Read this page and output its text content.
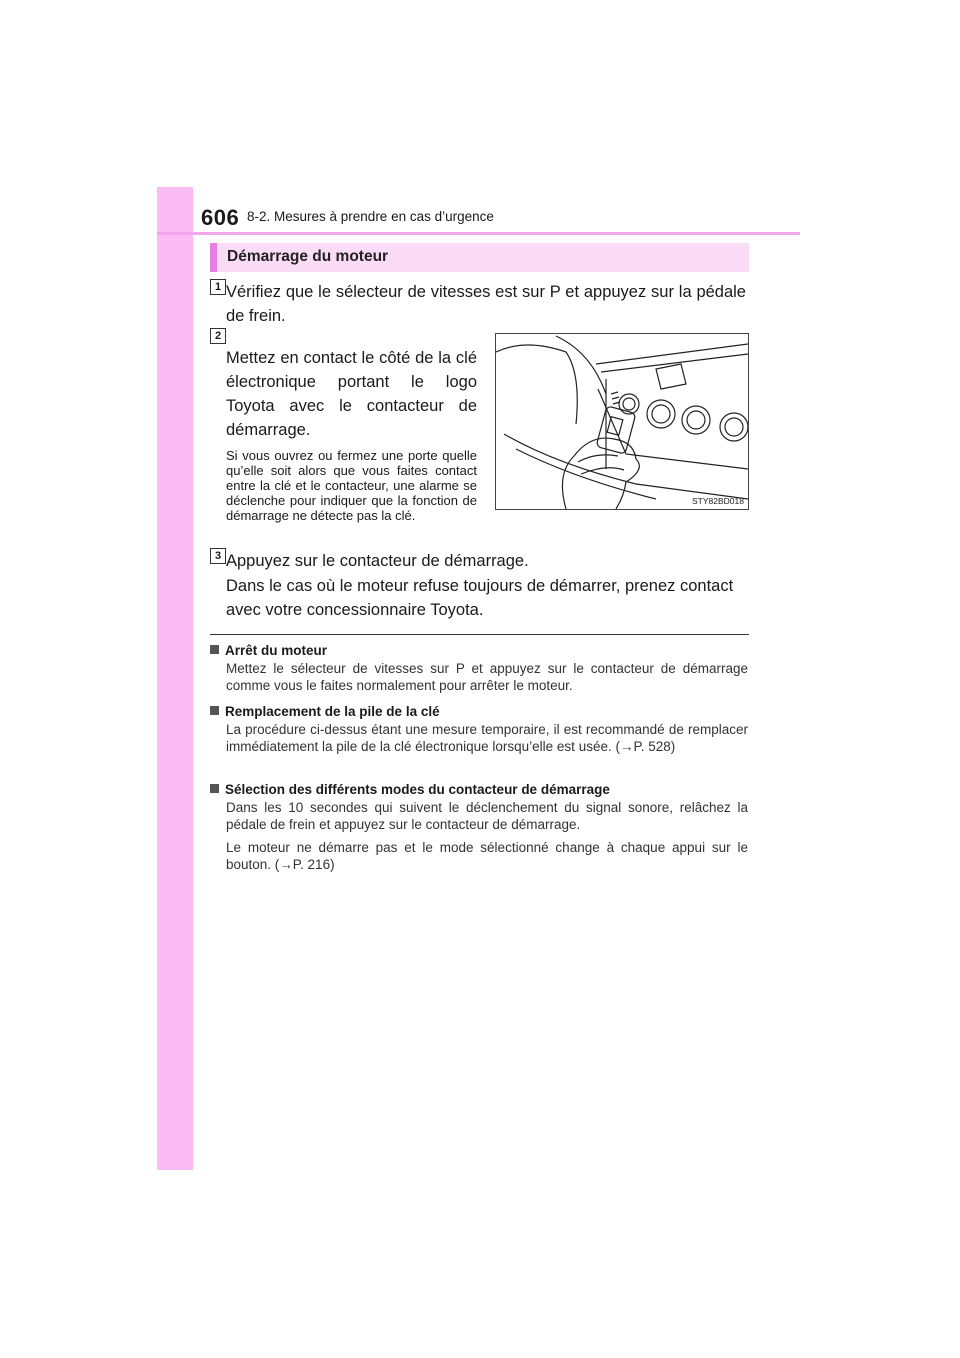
606 8-2. Mesures à prendre en cas d’urgence
Démarrage du moteur
1 Vérifiez que le sélecteur de vitesses est sur P et appuyez sur la pédale de frein.
2
Mettez en contact le côté de la clé électronique portant le logo Toyota avec le contacteur de démarrage.
Si vous ouvrez ou fermez une porte quelle qu’elle soit alors que vous faites contact entre la clé et le contacteur, une alarme se déclenche pour indiquer que la fonction de démarrage ne détecte pas la clé.
STY82BD018
3 Appuyez sur le contacteur de démarrage.
Dans le cas où le moteur refuse toujours de démarrer, prenez contact avec votre concessionnaire Toyota.
Arrêt du moteur
Mettez le sélecteur de vitesses sur P et appuyez sur le contacteur de démarrage comme vous le faites normalement pour arrêter le moteur.
Remplacement de la pile de la clé
La procédure ci-dessus étant une mesure temporaire, il est recommandé de remplacer immédiatement la pile de la clé électronique lorsqu’elle est usée. (→P. 528)
Sélection des différents modes du contacteur de démarrage
Dans les 10 secondes qui suivent le déclenchement du signal sonore, relâchez la pédale de frein et appuyez sur le contacteur de démarrage.
Le moteur ne démarre pas et le mode sélectionné change à chaque appui sur le bouton. (→P. 216)
